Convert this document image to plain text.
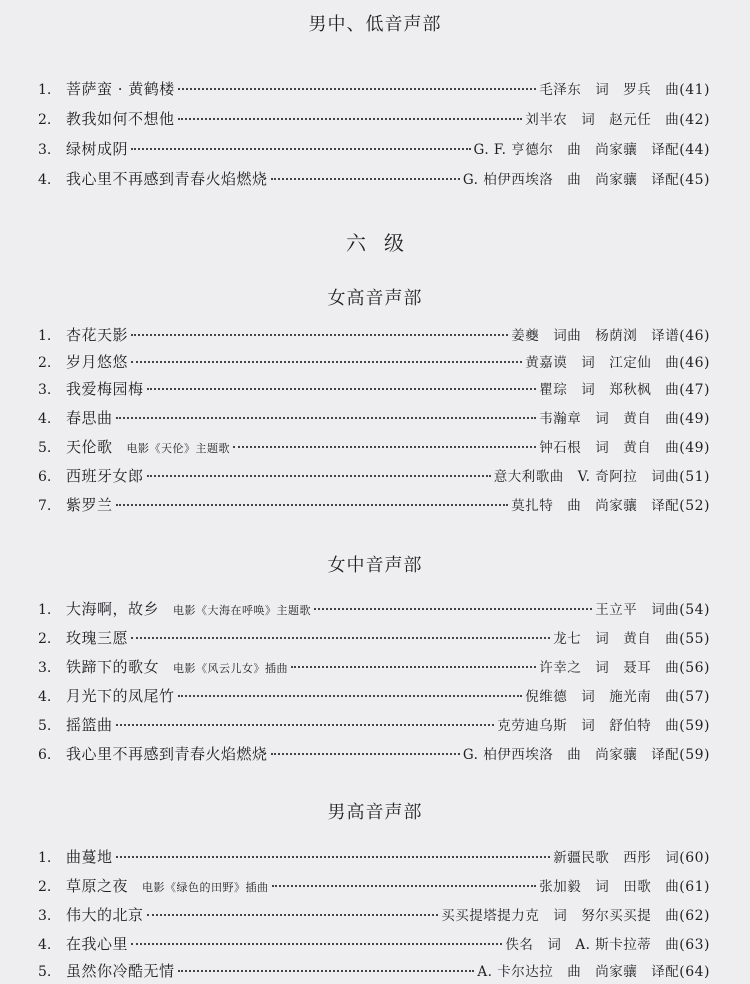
男中、低音声部
1. 菩萨蛮 · 黄鹤楼	毛泽东　词　罗兵　曲 (41)
2. 教我如何不想他	刘半农　词　赵元任　曲 (42)
3. 绿树成阴	G. F. 亨德尔　曲　尚家骧　译配 (44)
4. 我心里不再感到青春火焰燃烧	G. 柏伊西埃洛　曲　尚家骧　译配 (45)
六级
女高音声部
1. 杏花天影	姜夔　词曲　杨荫浏　译谱 (46)
2. 岁月悠悠	黄嘉谟　词　江定仙　曲 (46)
3. 我爱梅园梅	瞿琮　词　郑秋枫　曲 (47)
4. 春思曲	韦瀚章　词　黄自　曲 (49)
5. 天伦歌 电影《天伦》主题歌	钟石根　词　黄自　曲 (49)
6. 西班牙女郎	意大利歌曲　V. 奇阿拉　词曲 (51)
7. 紫罗兰	莫扎特　曲　尚家骧　译配 (52)
女中音声部
1. 大海啊，故乡 电影《大海在呼唤》主题歌	王立平　词曲 (54)
2. 玫瑰三愿	龙七　词　黄自　曲 (55)
3. 铁蹄下的歌女 电影《风云儿女》插曲	许幸之　词　聂耳　曲 (56)
4. 月光下的凤尾竹	倪维德　词　施光南　曲 (57)
5. 摇篮曲	克劳迪乌斯　词　舒伯特　曲 (59)
6. 我心里不再感到青春火焰燃烧	G. 柏伊西埃洛　曲　尚家骧　译配 (59)
男高音声部
1. 曲蔓地	新疆民歌　西彤　词 (60)
2. 草原之夜 电影《绿色的田野》插曲	张加毅　词　田歌　曲 (61)
3. 伟大的北京	买买提塔提力克　词　努尔买买提　曲 (62)
4. 在我心里	佚名　词　A. 斯卡拉蒂　曲 (63)
5. 虽然你冷酷无情	A. 卡尔达拉　曲　尚家骧　译配 (64)
